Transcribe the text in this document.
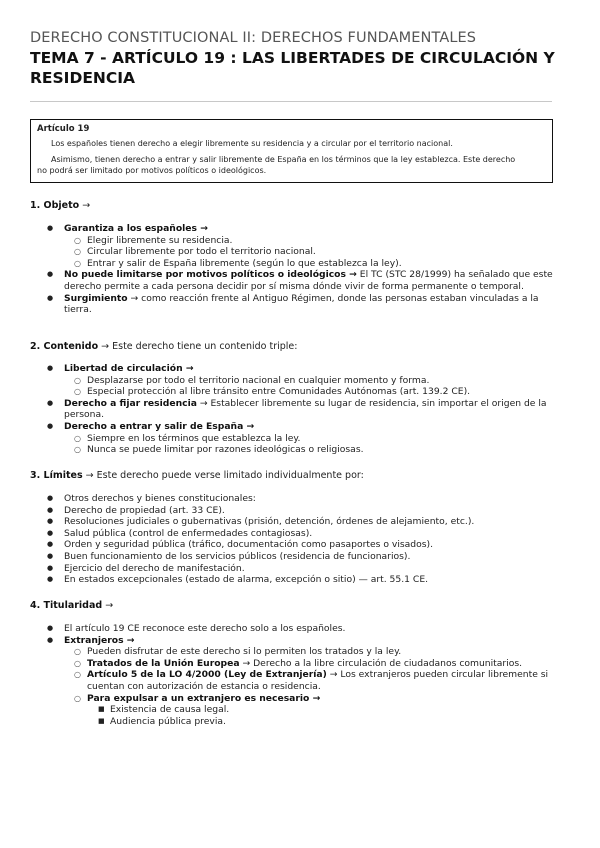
DERECHO CONSTITUCIONAL II: DERECHOS FUNDAMENTALES
TEMA 7 - ARTÍCULO 19 : LAS LIBERTADES DE CIRCULACIÓN Y RESIDENCIA
Artículo 19

Los españoles tienen derecho a elegir libremente su residencia y a circular por el territorio nacional.

Asimismo, tienen derecho a entrar y salir libremente de España en los términos que la ley establezca. Este derecho

no podrá ser limitado por motivos políticos o ideológicos.

1. Objeto →
● Garantiza a los españoles →
○ Elegir libremente su residencia.
○ Circular libremente por todo el territorio nacional.
○ Entrar y salir de España libremente (según lo que establezca la ley).
● No puede limitarse por motivos políticos o ideológicos → El TC (STC 28/1999) ha señalado que este derecho permite a cada persona decidir por sí misma dónde vivir de forma permanente o temporal.
● Surgimiento → como reacción frente al Antiguo Régimen, donde las personas estaban vinculadas a la tierra.
2. Contenido → Este derecho tiene un contenido triple:
● Libertad de circulación →
○ Desplazarse por todo el territorio nacional en cualquier momento y forma.
○ Especial protección al libre tránsito entre Comunidades Autónomas (art. 139.2 CE).
● Derecho a fijar residencia → Establecer libremente su lugar de residencia, sin importar el origen de la persona.
● Derecho a entrar y salir de España →
○ Siempre en los términos que establezca la ley.
○ Nunca se puede limitar por razones ideológicas o religiosas.
3. Límites → Este derecho puede verse limitado individualmente por:
● Otros derechos y bienes constitucionales:
● Derecho de propiedad (art. 33 CE).
● Resoluciones judiciales o gubernativas (prisión, detención, órdenes de alejamiento, etc.).
● Salud pública (control de enfermedades contagiosas).
● Orden y seguridad pública (tráfico, documentación como pasaportes o visados).
● Buen funcionamiento de los servicios públicos (residencia de funcionarios).
● Ejercicio del derecho de manifestación.
● En estados excepcionales (estado de alarma, excepción o sitio) — art. 55.1 CE.
4. Titularidad →
● El artículo 19 CE reconoce este derecho solo a los españoles.
● Extranjeros →
○ Pueden disfrutar de este derecho si lo permiten los tratados y la ley.
○ Tratados de la Unión Europea → Derecho a la libre circulación de ciudadanos comunitarios.
○ Artículo 5 de la LO 4/2000 (Ley de Extranjería) → Los extranjeros pueden circular libremente si cuentan con autorización de estancia o residencia.
○ Para expulsar a un extranjero es necesario →
■ Existencia de causa legal.
■ Audiencia pública previa.
